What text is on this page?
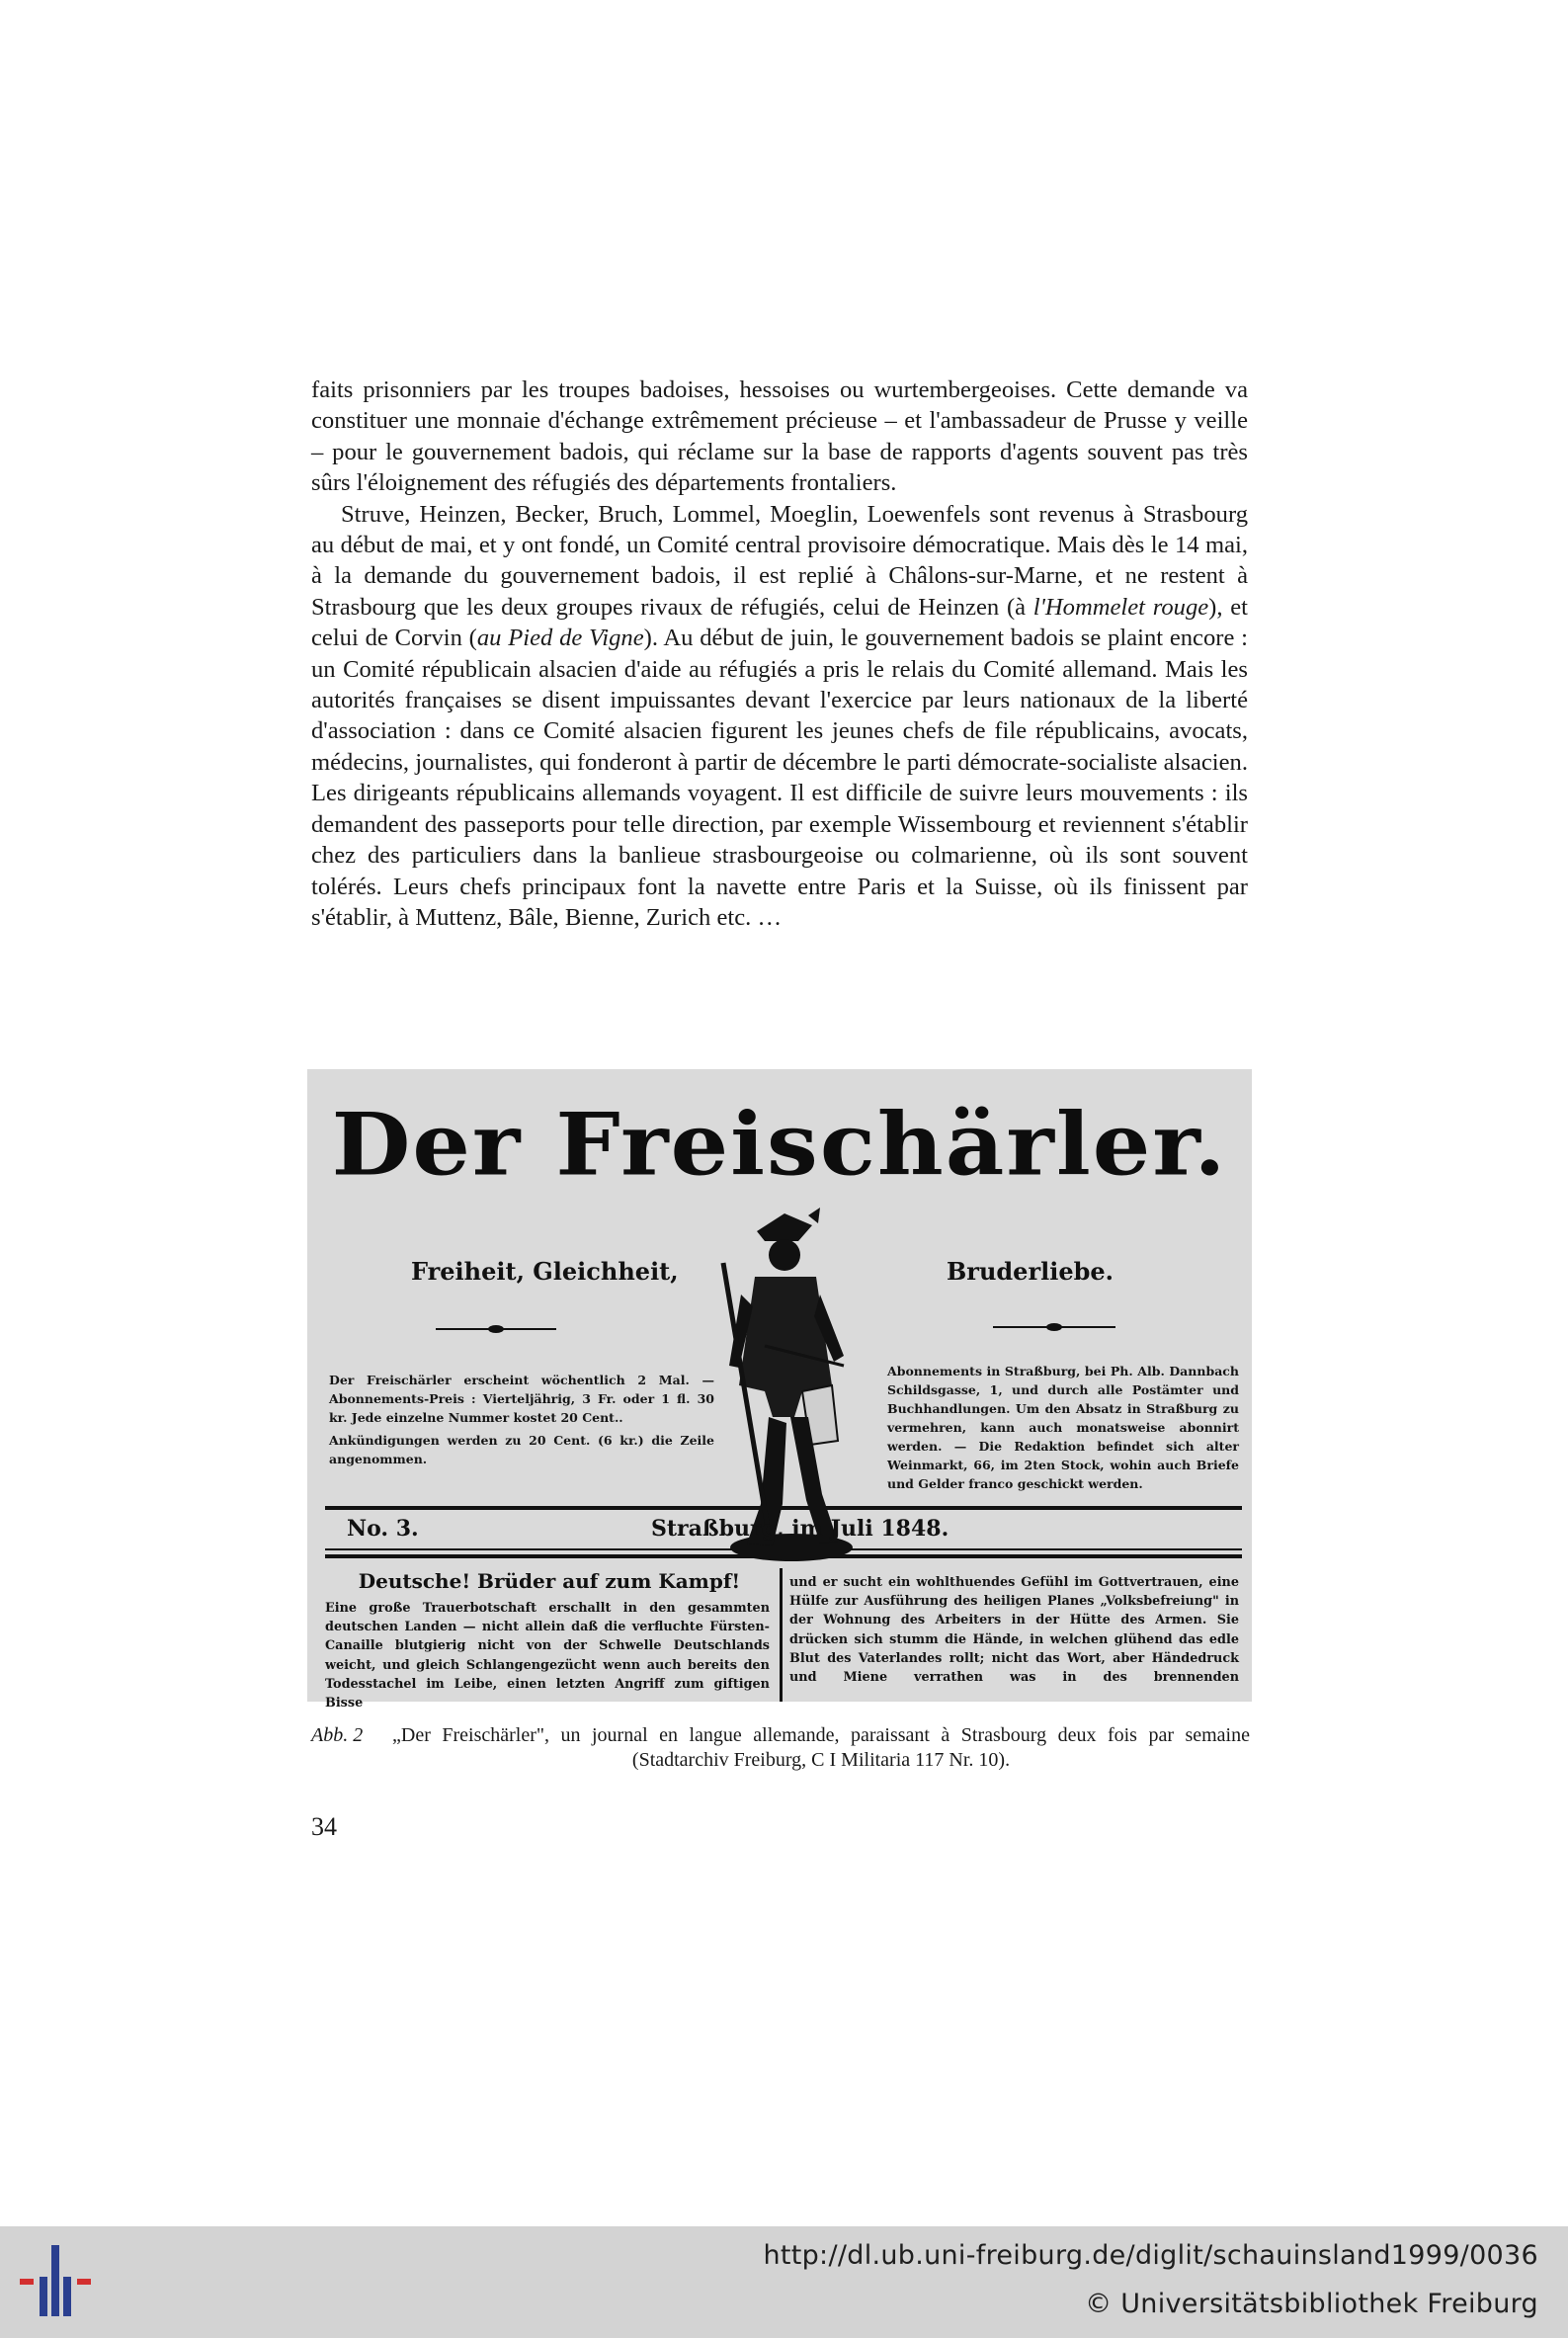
faits prisonniers par les troupes badoises, hessoises ou wurtembergeoises. Cette demande va constituer une monnaie d'échange extrêmement précieuse – et l'ambassadeur de Prusse y veille – pour le gouvernement badois, qui réclame sur la base de rapports d'agents souvent pas très sûrs l'éloignement des réfugiés des départements frontaliers.

Struve, Heinzen, Becker, Bruch, Lommel, Moeglin, Loewenfels sont revenus à Strasbourg au début de mai, et y ont fondé, un Comité central provisoire démocratique. Mais dès le 14 mai, à la demande du gouvernement badois, il est replié à Châlons-sur-Marne, et ne restent à Strasbourg que les deux groupes rivaux de réfugiés, celui de Heinzen (à l'Hommelet rouge), et celui de Corvin (au Pied de Vigne). Au début de juin, le gouvernement badois se plaint encore : un Comité républicain alsacien d'aide au réfugiés a pris le relais du Comité allemand. Mais les autorités françaises se disent impuissantes devant l'exercice par leurs nationaux de la liberté d'association : dans ce Comité alsacien figurent les jeunes chefs de file républicains, avocats, médecins, journalistes, qui fonderont à partir de décembre le parti démocrate-socialiste alsacien. Les dirigeants républicains allemands voyagent. Il est difficile de suivre leurs mouvements : ils demandent des passeports pour telle direction, par exemple Wissembourg et reviennent s'établir chez des particuliers dans la banlieue strasbourgeoise ou colmarienne, où ils sont souvent tolérés. Leurs chefs principaux font la navette entre Paris et la Suisse, où ils finissent par s'établir, à Muttenz, Bâle, Bienne, Zurich etc. …

Der Freischärler.
Freiheit, Gleichheit,	Bruderliebe.
Der Freischärler erscheint wöchentlich 2 Mal. — Abonnements-Preis : Vierteljährig, 3 Fr. oder 1 fl. 30 kr. Jede einzelne Nummer kostet 20 Cent..
Ankündigungen werden zu 20 Cent. (6 kr.) die Zeile angenommen.
Abonnements in Straßburg, bei Ph. Alb. Dannbach Schildsgasse, 1, und durch alle Postämter und Buchhandlungen. Um den Absatz in Straßburg zu vermehren, kann auch monatsweise abonnirt werden. — Die Redaktion befindet sich alter Weinmarkt, 66, im 2ten Stock, wohin auch Briefe und Gelder franco geschickt werden.
No. 3.	Straßburg, im Juli 1848.
Deutsche! Brüder auf zum Kampf!
Eine große Trauerbotschaft erschallt in den gesammten deutschen Landen — nicht allein daß die verfluchte Fürsten-Canaille blutgierig nicht von der Schwelle Deutschlands weicht, und gleich Schlangengezücht wenn auch bereits den Todesstachel im Leibe, einen letzten Angriff zum giftigen Bisse
und er sucht ein wohlthuendes Gefühl im Gottvertrauen, eine Hülfe zur Ausführung des heiligen Planes „Volksbefreiung" in der Wohnung des Arbeiters in der Hütte des Armen. Sie drücken sich stumm die Hände, in welchen glühend das edle Blut des Vaterlandes rollt; nicht das Wort, aber Händedruck und Miene verrathen was in des brennenden
Abb. 2 „Der Freischärler", un journal en langue allemande, paraissant à Strasbourg deux fois par semaine (Stadtarchiv Freiburg, C I Militaria 117 Nr. 10).
34
http://dl.ub.uni-freiburg.de/diglit/schauinsland1999/0036
© Universitätsbibliothek Freiburg
